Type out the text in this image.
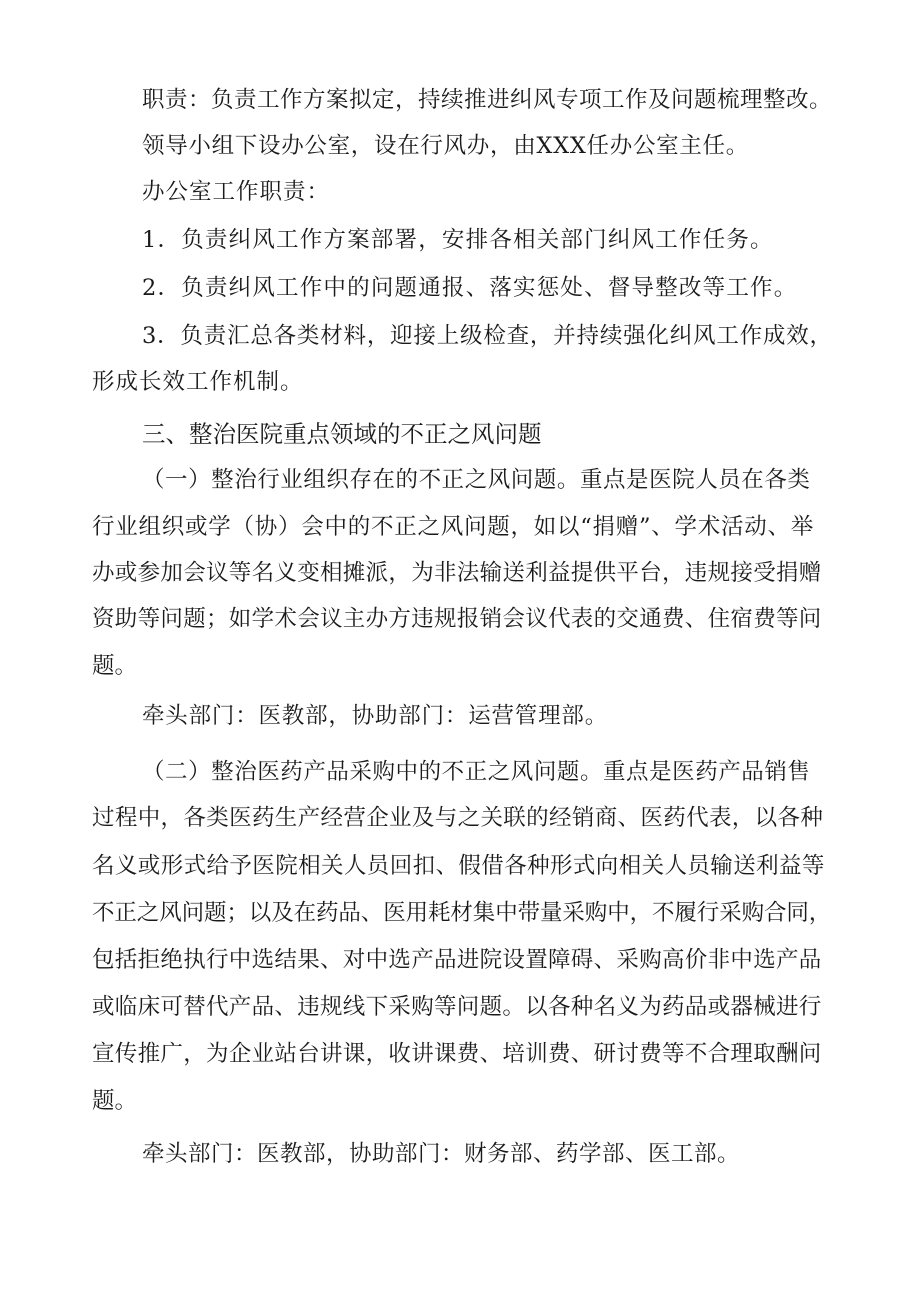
职责：负责工作方案拟定，持续推进纠风专项工作及问题梳理整改。

领导小组下设办公室，设在行风办，由XXX任办公室主任。

办公室工作职责：

1．负责纠风工作方案部署，安排各相关部门纠风工作任务。

2．负责纠风工作中的问题通报、落实惩处、督导整改等工作。

3．负责汇总各类材料，迎接上级检查，并持续强化纠风工作成效，

形成长效工作机制。

三、整治医院重点领域的不正之风问题

（一）整治行业组织存在的不正之风问题。重点是医院人员在各类

行业组织或学（协）会中的不正之风问题，如以“捐赠”、学术活动、举

办或参加会议等名义变相摊派，为非法输送利益提供平台，违规接受捐赠

资助等问题；如学术会议主办方违规报销会议代表的交通费、住宿费等问

题。

牵头部门：医教部，协助部门：运营管理部。

（二）整治医药产品采购中的不正之风问题。重点是医药产品销售

过程中，各类医药生产经营企业及与之关联的经销商、医药代表，以各种

名义或形式给予医院相关人员回扣、假借各种形式向相关人员输送利益等

不正之风问题；以及在药品、医用耗材集中带量采购中，不履行采购合同，

包括拒绝执行中选结果、对中选产品进院设置障碍、采购高价非中选产品

或临床可替代产品、违规线下采购等问题。以各种名义为药品或器械进行

宣传推广，为企业站台讲课，收讲课费、培训费、研讨费等不合理取酬问

题。

牵头部门：医教部，协助部门：财务部、药学部、医工部。
